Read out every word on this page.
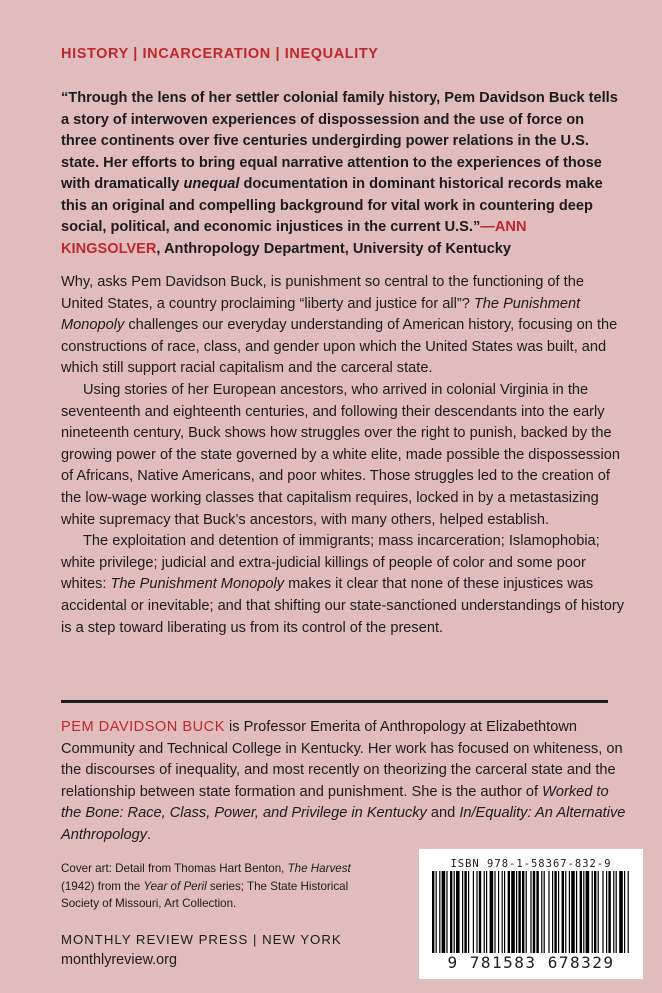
HISTORY | INCARCERATION | INEQUALITY

“Through the lens of her settler colonial family history, Pem Davidson Buck tells a story of interwoven experiences of dispossession and the use of force on three continents over five centuries undergirding power relations in the U.S. state. Her efforts to bring equal narrative attention to the experiences of those with dramatically unequal documentation in dominant historical records make this an original and compelling background for vital work in countering deep social, political, and economic injustices in the current U.S.”—ANN KINGSOLVER, Anthropology Department, University of Kentucky

Why, asks Pem Davidson Buck, is punishment so central to the functioning of the United States, a country proclaiming “liberty and justice for all”? The Punishment Monopoly challenges our everyday understanding of American history, focusing on the constructions of race, class, and gender upon which the United States was built, and which still support racial capitalism and the carceral state.

Using stories of her European ancestors, who arrived in colonial Virginia in the seventeenth and eighteenth centuries, and following their descendants into the early nineteenth century, Buck shows how struggles over the right to punish, backed by the growing power of the state governed by a white elite, made possible the dispossession of Africans, Native Americans, and poor whites. Those struggles led to the creation of the low-wage working classes that capitalism requires, locked in by a metastasizing white supremacy that Buck’s ancestors, with many others, helped establish.

The exploitation and detention of immigrants; mass incarceration; Islamophobia; white privilege; judicial and extra-judicial killings of people of color and some poor whites: The Punishment Monopoly makes it clear that none of these injustices was accidental or inevitable; and that shifting our state-sanctioned understandings of history is a step toward liberating us from its control of the present.

PEM DAVIDSON BUCK is Professor Emerita of Anthropology at Elizabethtown Community and Technical College in Kentucky. Her work has focused on whiteness, on the discourses of inequality, and most recently on theorizing the carceral state and the relationship between state formation and punishment. She is the author of Worked to the Bone: Race, Class, Power, and Privilege in Kentucky and In/Equality: An Alternative Anthropology.

Cover art: Detail from Thomas Hart Benton, The Harvest (1942) from the Year of Peril series; The State Historical Society of Missouri, Art Collection.

MONTHLY REVIEW PRESS | NEW YORK
monthlyreview.org
ISBN 978-1-58367-832-9
9 781583 678329
